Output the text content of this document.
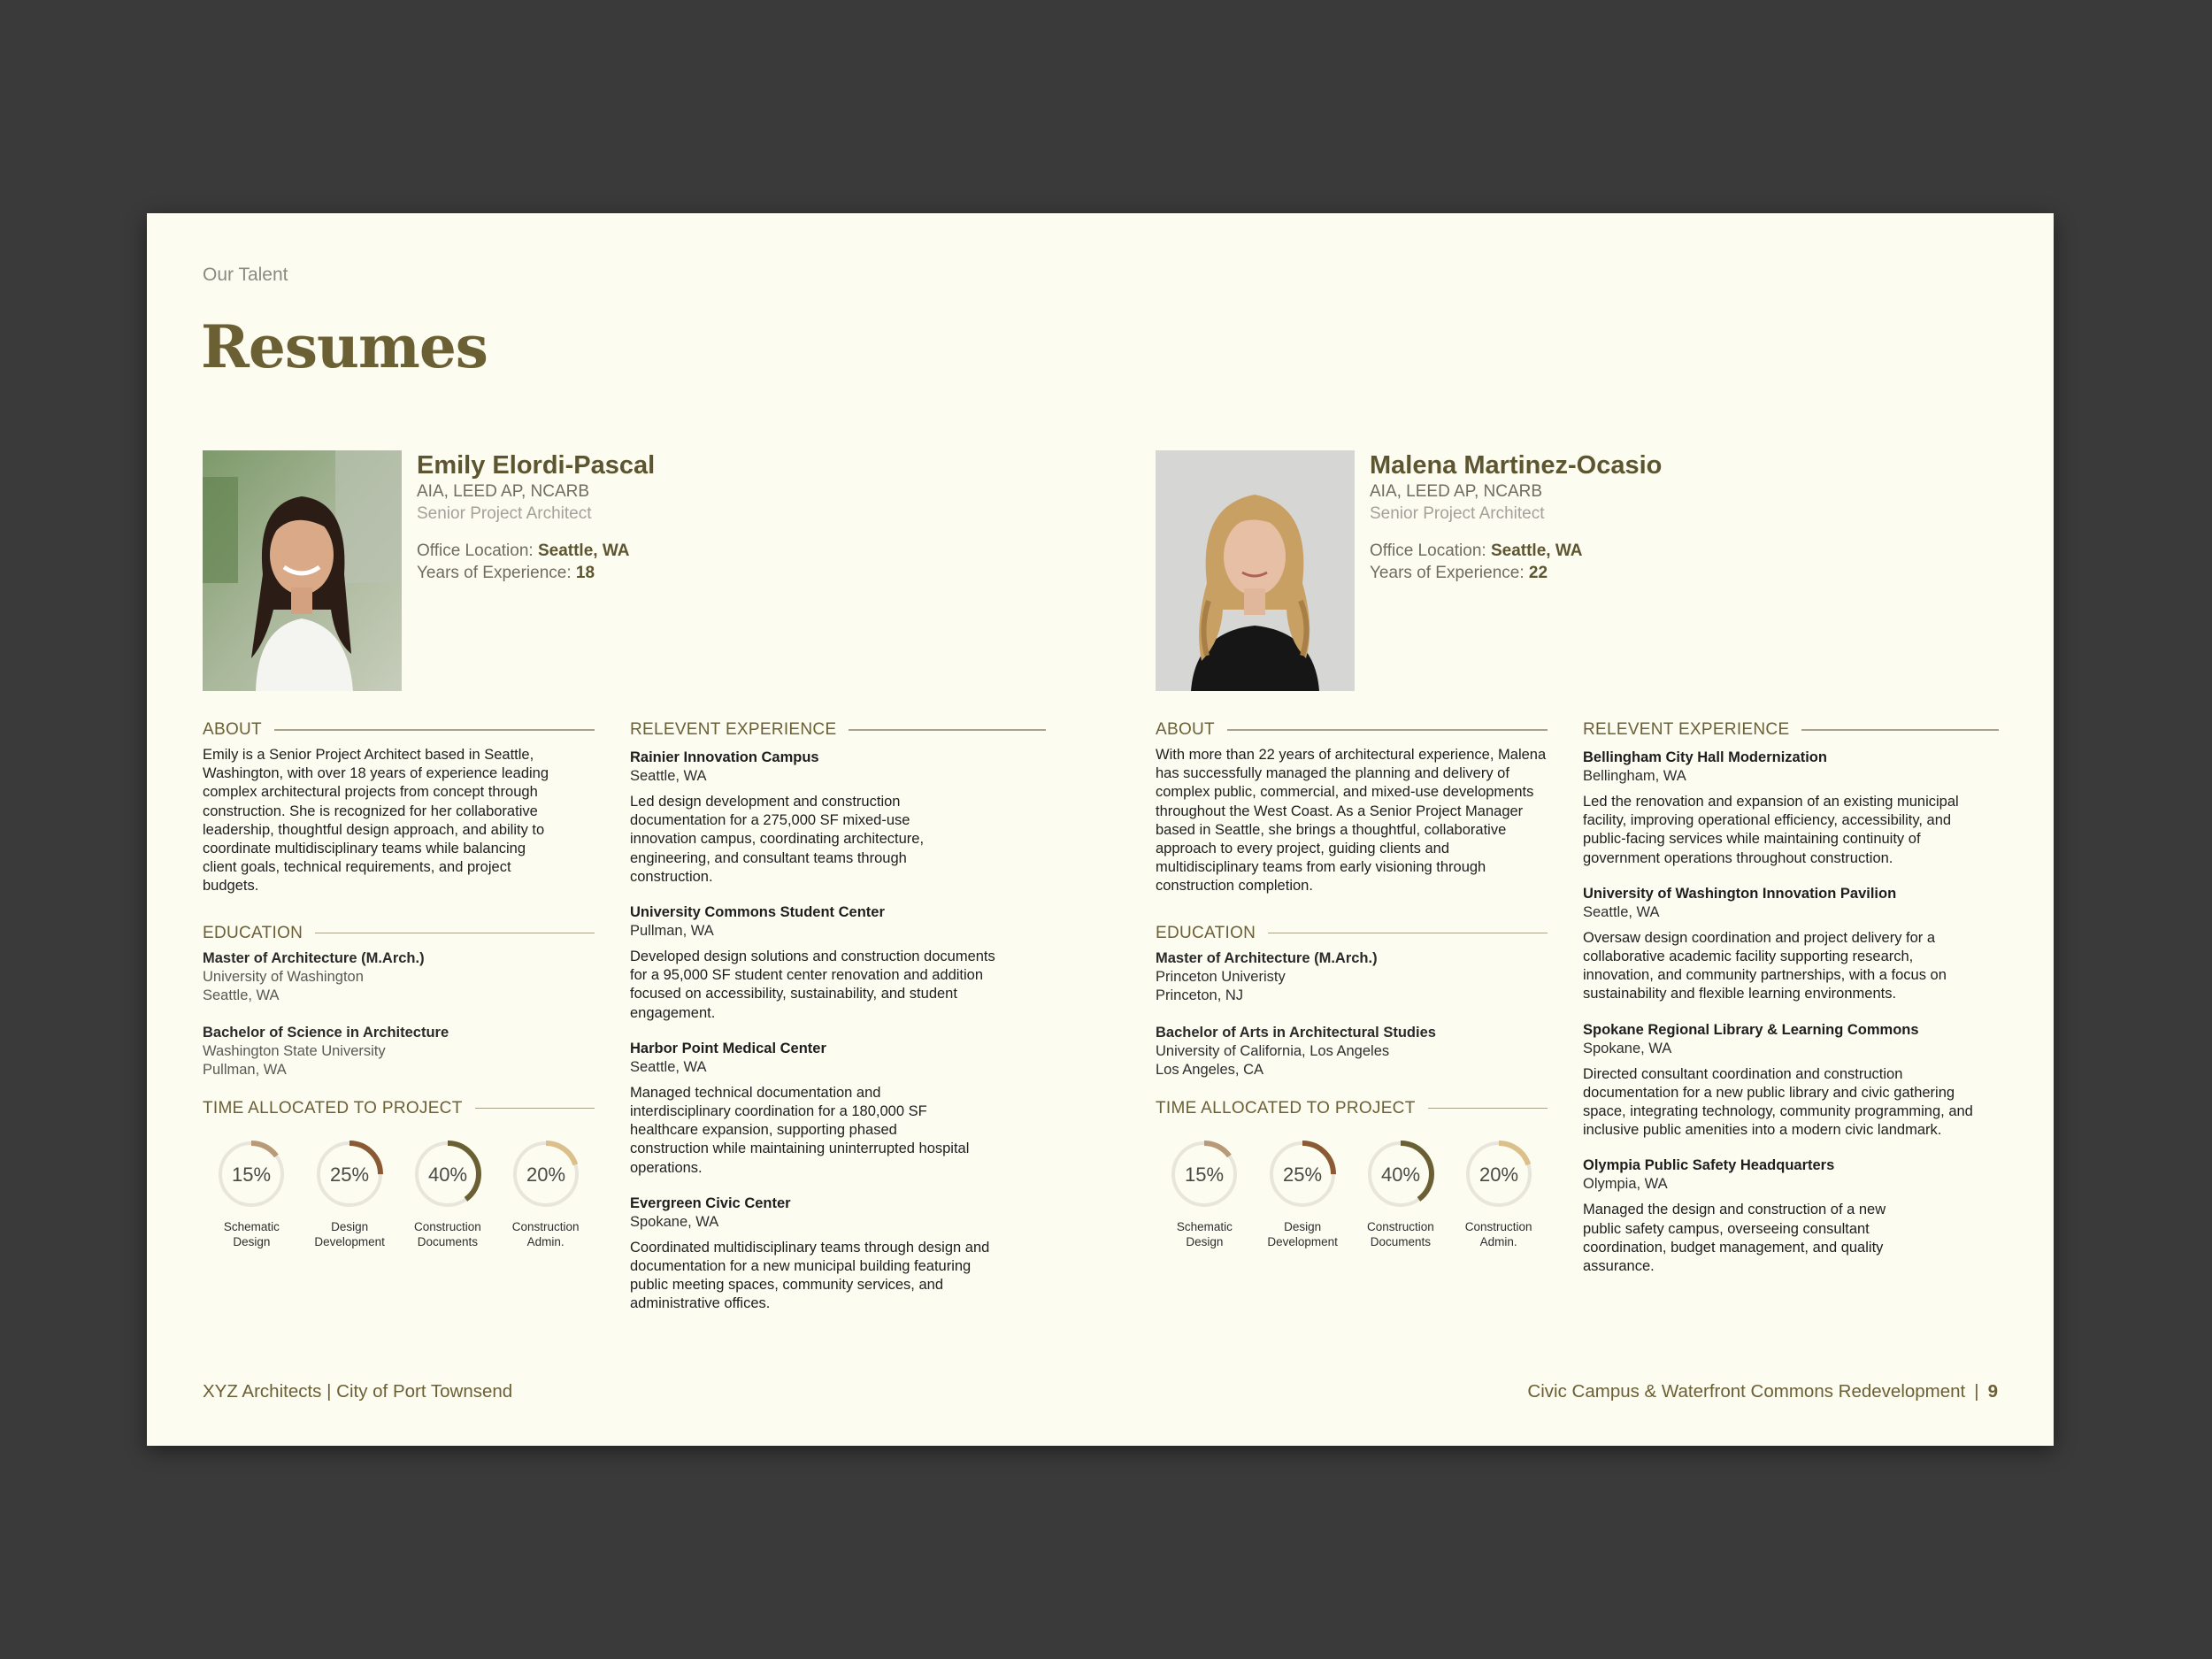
Our Talent
Resumes
Emily Elordi-Pascal
AIA, LEED AP, NCARB
Senior Project Architect
Office Location: Seattle, WA
Years of Experience: 18
ABOUT
Emily is a Senior Project Architect based in Seattle, Washington, with over 18 years of experience leading complex architectural projects from concept through construction. She is recognized for her collaborative leadership, thoughtful design approach, and ability to coordinate multidisciplinary teams while balancing client goals, technical requirements, and project budgets.
EDUCATION
Master of Architecture (M.Arch.)
University of Washington
Seattle, WA
Bachelor of Science in Architecture
Washington State University
Pullman, WA
TIME ALLOCATED TO PROJECT
15%
Schematic
Design
25%
Design
Development
40%
Construction
Documents
20%
Construction
Admin.
RELEVENT EXPERIENCE
Rainier Innovation Campus
Seattle, WA
Led design development and construction documentation for a 275,000 SF mixed-use innovation campus, coordinating architecture, engineering, and consultant teams through construction.
University Commons Student Center
Pullman, WA
Developed design solutions and construction documents for a 95,000 SF student center renovation and addition focused on accessibility, sustainability, and student engagement.
Harbor Point Medical Center
Seattle, WA
Managed technical documentation and interdisciplinary coordination for a 180,000 SF healthcare expansion, supporting phased construction while maintaining uninterrupted hospital operations.
Evergreen Civic Center
Spokane, WA
Coordinated multidisciplinary teams through design and documentation for a new municipal building featuring public meeting spaces, community services, and administrative offices.
Malena Martinez-Ocasio
AIA, LEED AP, NCARB
Senior Project Architect
Office Location: Seattle, WA
Years of Experience: 22
ABOUT
With more than 22 years of architectural experience, Malena has successfully managed the planning and delivery of complex public, commercial, and mixed-use developments throughout the West Coast. As a Senior Project Manager based in Seattle, she brings a thoughtful, collaborative approach to every project, guiding clients and multidisciplinary teams from early visioning through construction completion.
EDUCATION
Master of Architecture (M.Arch.)
Princeton Univeristy
Princeton, NJ
Bachelor of Arts in Architectural Studies
University of California, Los Angeles
Los Angeles, CA
TIME ALLOCATED TO PROJECT
15%
Schematic
Design
25%
Design
Development
40%
Construction
Documents
20%
Construction
Admin.
RELEVENT EXPERIENCE
Bellingham City Hall Modernization
Bellingham, WA
Led the renovation and expansion of an existing municipal facility, improving operational efficiency, accessibility, and public-facing services while maintaining continuity of government operations throughout construction.
University of Washington Innovation Pavilion
Seattle, WA
Oversaw design coordination and project delivery for a collaborative academic facility supporting research, innovation, and community partnerships, with a focus on sustainability and flexible learning environments.
Spokane Regional Library & Learning Commons
Spokane, WA
Directed consultant coordination and construction documentation for a new public library and civic gathering space, integrating technology, community programming, and inclusive public amenities into a modern civic landmark.
Olympia Public Safety Headquarters
Olympia, WA
Managed the design and construction of a new public safety campus, overseeing consultant coordination, budget management, and quality assurance.
XYZ Architects | City of Port Townsend	Civic Campus & Waterfront Commons Redevelopment | 9
